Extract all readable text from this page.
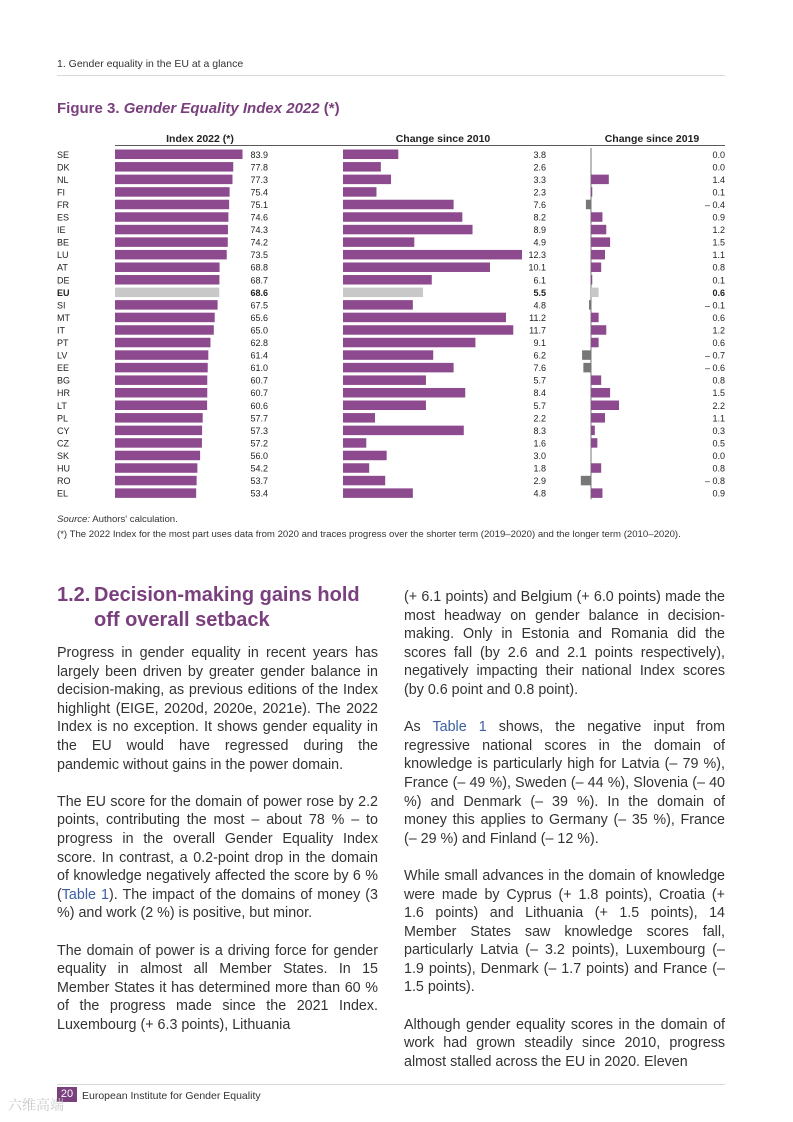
1. Gender equality in the EU at a glance
Figure 3. Gender Equality Index 2022 (*)
Index 2022 (*)	Change since 2010	Change since 2019
SE	83.9	3.8	0.0
DK	77.8	2.6	0.0
NL	77.3	3.3	1.4
FI	75.4	2.3	0.1
FR	75.1	7.6	– 0.4
ES	74.6	8.2	0.9
IE	74.3	8.9	1.2
BE	74.2	4.9	1.5
LU	73.5	12.3	1.1
AT	68.8	10.1	0.8
DE	68.7	6.1	0.1
EU	68.6	5.5	0.6
SI	67.5	4.8	– 0.1
MT	65.6	11.2	0.6
IT	65.0	11.7	1.2
PT	62.8	9.1	0.6
LV	61.4	6.2	– 0.7
EE	61.0	7.6	– 0.6
BG	60.7	5.7	0.8
HR	60.7	8.4	1.5
LT	60.6	5.7	2.2
PL	57.7	2.2	1.1
CY	57.3	8.3	0.3
CZ	57.2	1.6	0.5
SK	56.0	3.0	0.0
HU	54.2	1.8	0.8
RO	53.7	2.9	– 0.8
EL	53.4	4.8	0.9
Source: Authors' calculation.
(*) The 2022 Index for the most part uses data from 2020 and traces progress over the shorter term (2019–2020) and the longer term (2010–2020).
1.2. Decision-making gains hold
off overall setback

Progress in gender equality in recent years has largely been driven by greater gender balance in decision-making, as previous editions of the Index highlight (EIGE, 2020d, 2020e, 2021e). The 2022 Index is no exception. It shows gender equality in the EU would have regressed during the pandemic without gains in the power domain.

The EU score for the domain of power rose by 2.2 points, contributing the most – about 78 % – to progress in the overall Gender Equality Index score. In contrast, a 0.2-point drop in the domain of knowledge negatively affected the score by 6 % (Table 1). The impact of the domains of money (3 %) and work (2 %) is positive, but minor.

The domain of power is a driving force for gender equality in almost all Member States. In 15 Member States it has determined more than 60 % of the progress made since the 2021 Index. Luxembourg (+ 6.3 points), Lithuania

(+ 6.1 points) and Belgium (+ 6.0 points) made the most headway on gender balance in decision-making. Only in Estonia and Romania did the scores fall (by 2.6 and 2.1 points respectively), negatively impacting their national Index scores (by 0.6 point and 0.8 point).

As Table 1 shows, the negative input from regressive national scores in the domain of knowledge is particularly high for Latvia (– 79 %), France (– 49 %), Sweden (– 44 %), Slovenia (– 40 %) and Denmark (– 39 %). In the domain of money this applies to Germany (– 35 %), France (– 29 %) and Finland (– 12 %).

While small advances in the domain of knowledge were made by Cyprus (+ 1.8 points), Croatia (+ 1.6 points) and Lithuania (+ 1.5 points), 14 Member States saw knowledge scores fall, particularly Latvia (– 3.2 points), Luxembourg (– 1.9 points), Denmark (– 1.7 points) and France (– 1.5 points).

Although gender equality scores in the domain of work had grown steadily since 2010, progress almost stalled across the EU in 2020. Eleven

20 European Institute for Gender Equality
六维高端
